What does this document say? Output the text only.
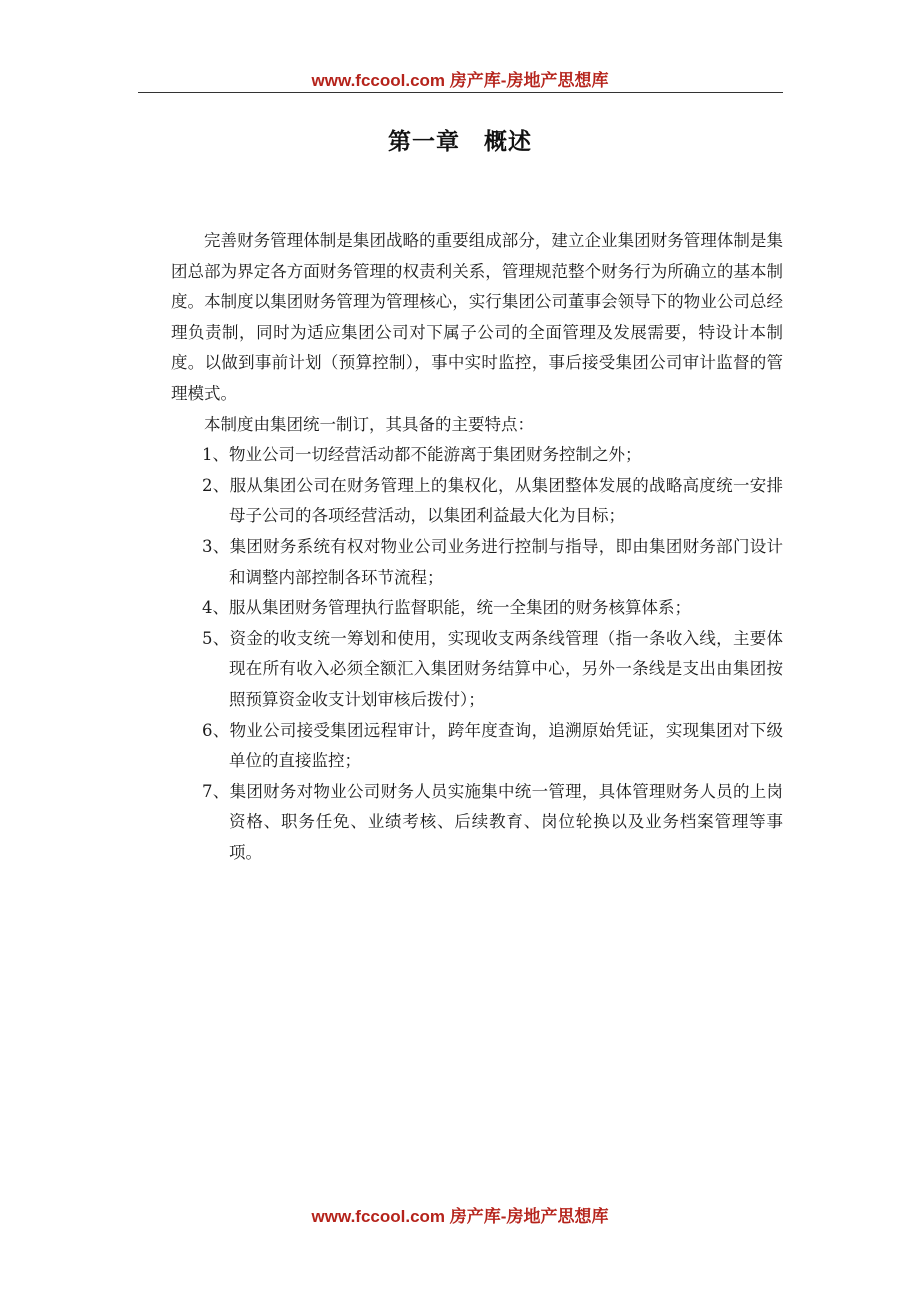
www.fccool.com 房产库-房地产思想库
第一章　概述

完善财务管理体制是集团战略的重要组成部分，建立企业集团财务管理体制是集团总部为界定各方面财务管理的权责利关系，管理规范整个财务行为所确立的基本制度。本制度以集团财务管理为管理核心，实行集团公司董事会领导下的物业公司总经理负责制，同时为适应集团公司对下属子公司的全面管理及发展需要，特设计本制度。以做到事前计划（预算控制），事中实时监控，事后接受集团公司审计监督的管理模式。

本制度由集团统一制订，其具备的主要特点：

1、物业公司一切经营活动都不能游离于集团财务控制之外；

2、服从集团公司在财务管理上的集权化，从集团整体发展的战略高度统一安排母子公司的各项经营活动，以集团利益最大化为目标；

3、集团财务系统有权对物业公司业务进行控制与指导，即由集团财务部门设计和调整内部控制各环节流程；

4、服从集团财务管理执行监督职能，统一全集团的财务核算体系；

5、资金的收支统一筹划和使用，实现收支两条线管理（指一条收入线，主要体现在所有收入必须全额汇入集团财务结算中心，另外一条线是支出由集团按照预算资金收支计划审核后拨付）；

6、物业公司接受集团远程审计，跨年度查询，追溯原始凭证，实现集团对下级单位的直接监控；

7、集团财务对物业公司财务人员实施集中统一管理，具体管理财务人员的上岗资格、职务任免、业绩考核、后续教育、岗位轮换以及业务档案管理等事项。

www.fccool.com 房产库-房地产思想库
